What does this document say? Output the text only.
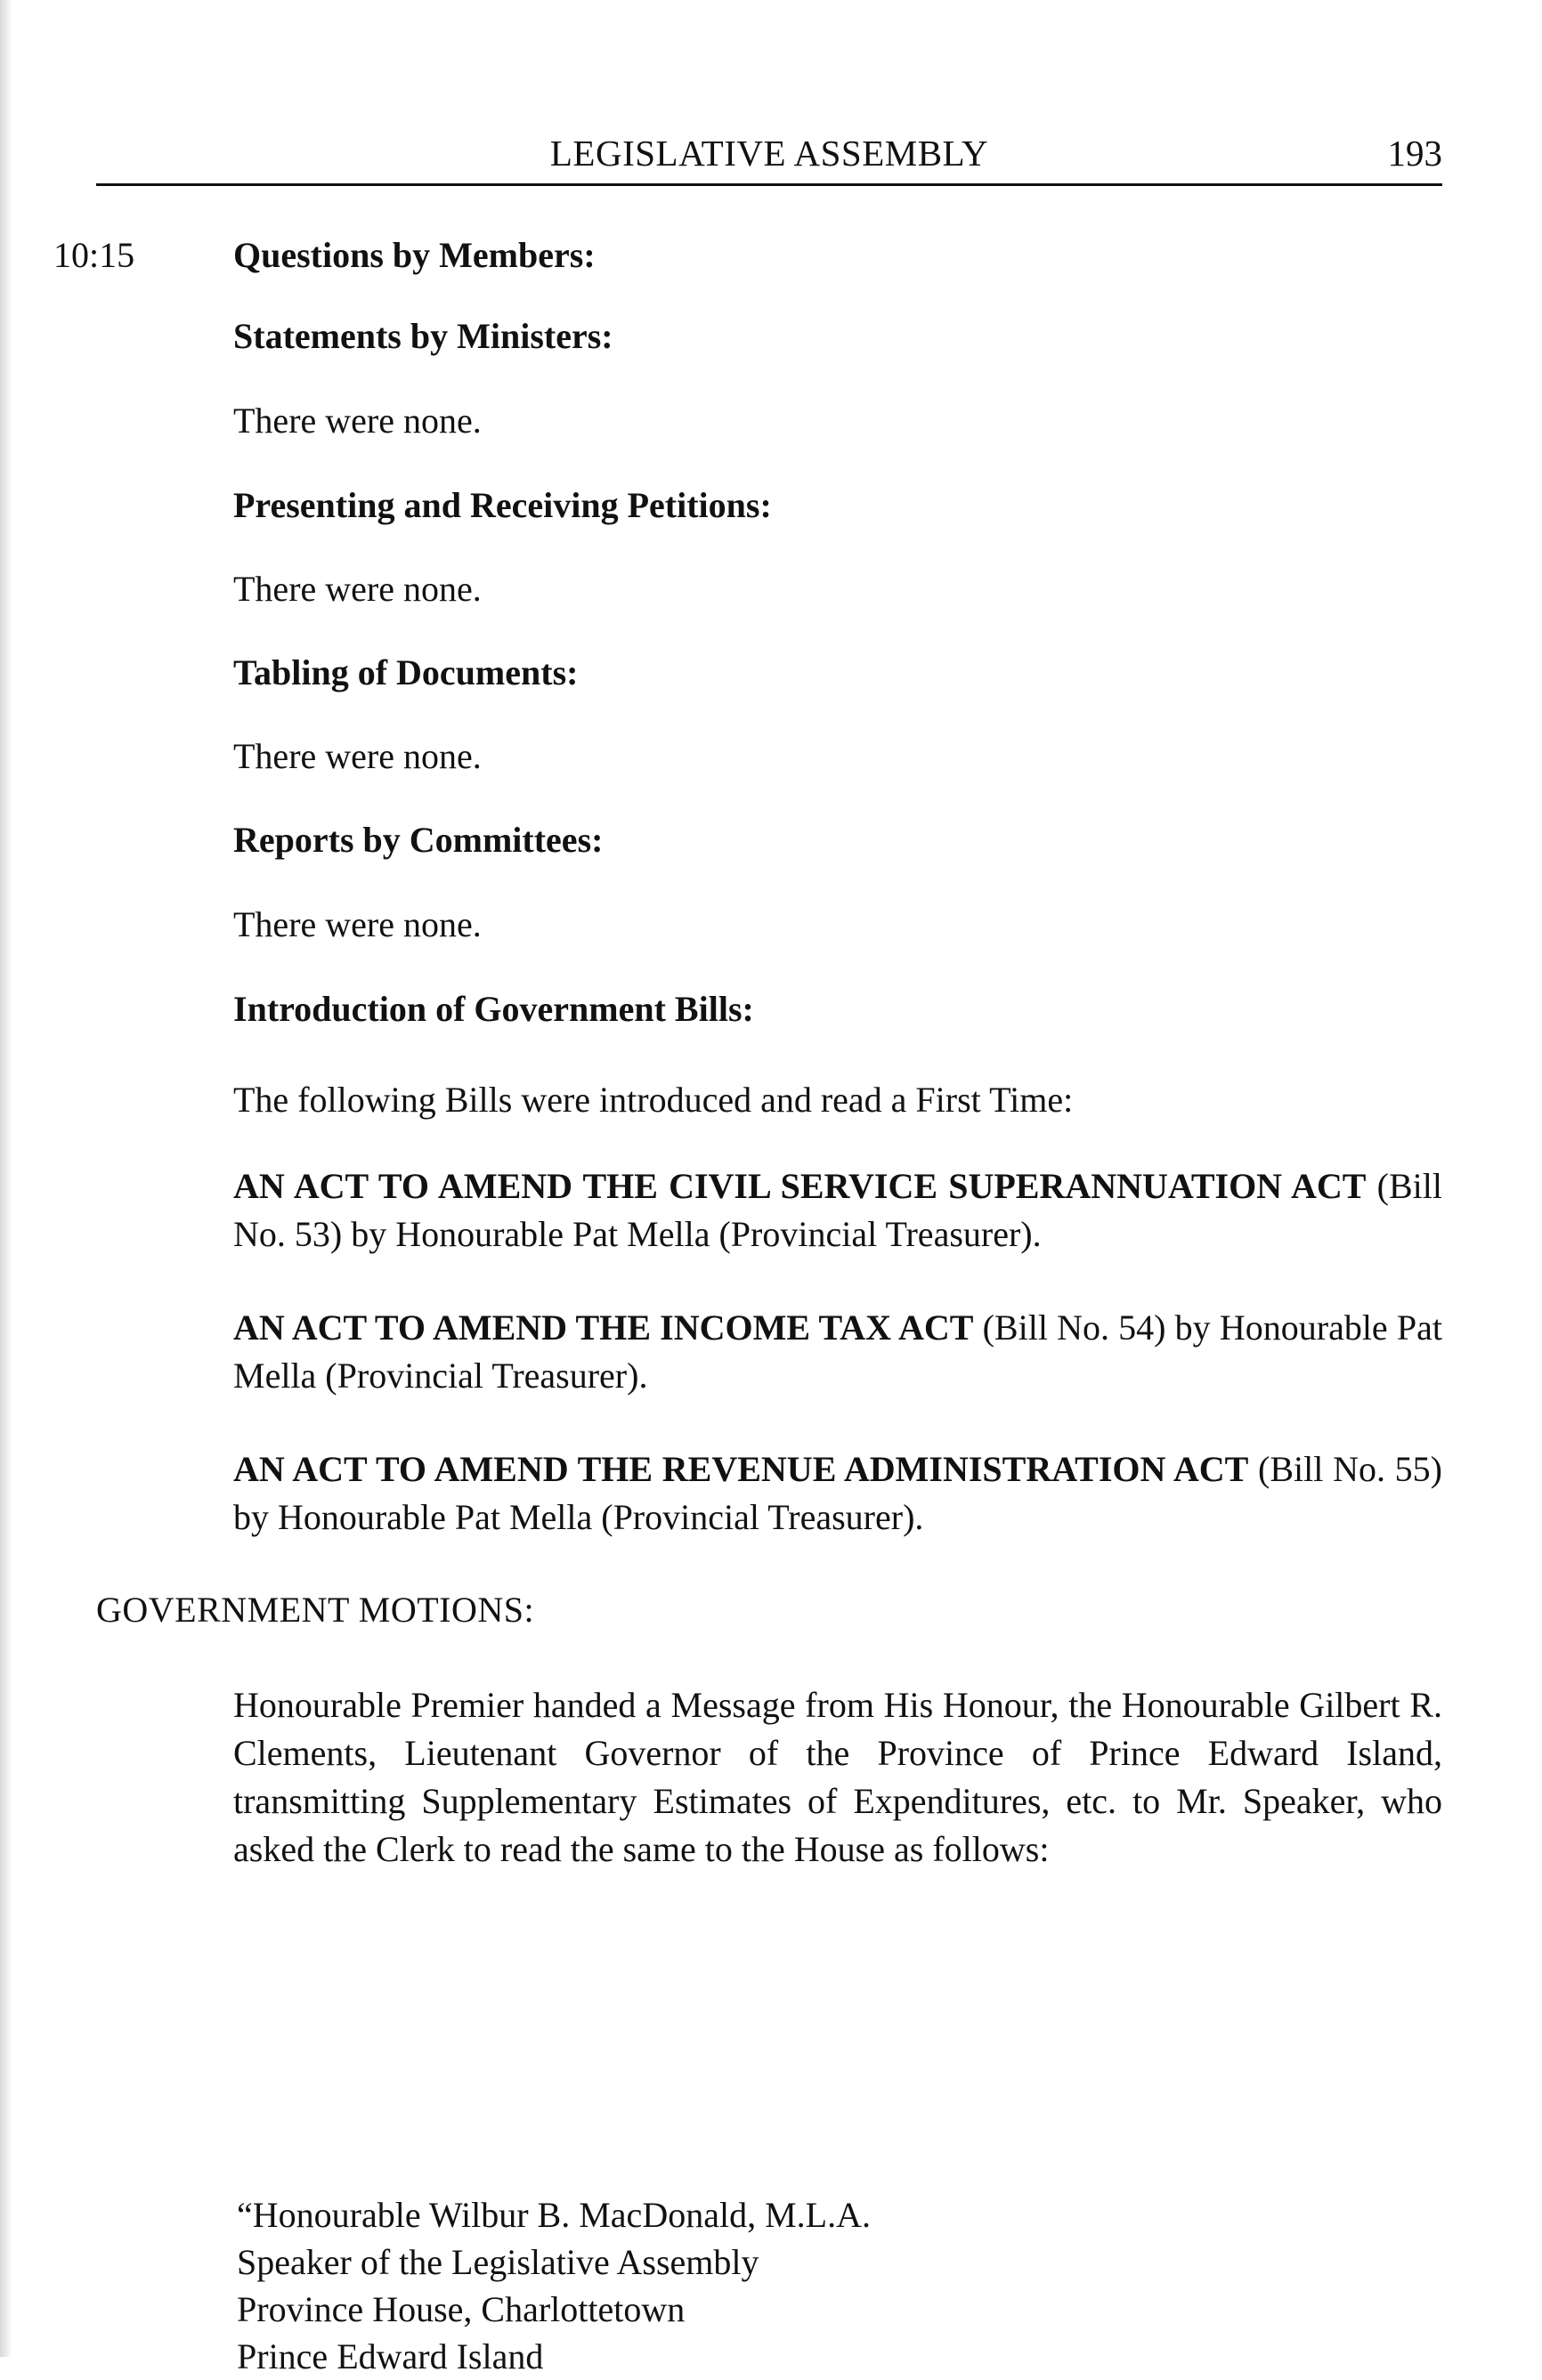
LEGISLATIVE ASSEMBLY	193
10:15	Questions by Members:
Statements by Ministers:
There were none.
Presenting and Receiving Petitions:
There were none.
Tabling of Documents:
There were none.
Reports by Committees:
There were none.
Introduction of Government Bills:
The following Bills were introduced and read a First Time:
AN ACT TO AMEND THE CIVIL SERVICE SUPERANNUATION ACT (Bill No. 53) by Honourable Pat Mella (Provincial Treasurer).
AN ACT TO AMEND THE INCOME TAX ACT (Bill No. 54) by Honourable Pat Mella (Provincial Treasurer).
AN ACT TO AMEND THE REVENUE ADMINISTRATION ACT (Bill No. 55) by Honourable Pat Mella (Provincial Treasurer).
GOVERNMENT MOTIONS:
Honourable Premier handed a Message from His Honour, the Honourable Gilbert R. Clements, Lieutenant Governor of the Province of Prince Edward Island, transmitting Supplementary Estimates of Expenditures, etc. to Mr. Speaker, who asked the Clerk to read the same to the House as follows:
“Honourable Wilbur B. MacDonald, M.L.A.
Speaker of the Legislative Assembly
Province House, Charlottetown
Prince Edward Island
